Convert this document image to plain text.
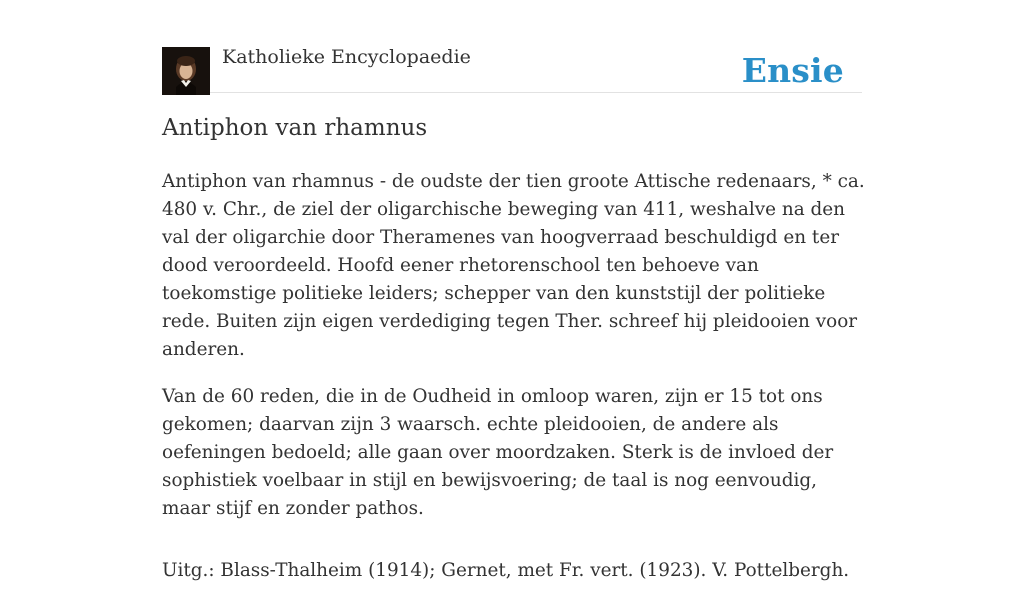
Katholieke Encyclopaedie	Ensie
Antiphon van rhamnus

Antiphon van rhamnus - de oudste der tien groote Attische redenaars, * ca. 480 v. Chr., de ziel der oligarchische beweging van 411, weshalve na den val der oligarchie door Theramenes van hoogverraad beschuldigd en ter dood veroordeeld. Hoofd eener rhetorenschool ten behoeve van toekomstige politieke leiders; schepper van den kunststijl der politieke rede. Buiten zijn eigen verdediging tegen Ther. schreef hij pleidooien voor anderen.

Van de 60 reden, die in de Oudheid in omloop waren, zijn er 15 tot ons gekomen; daarvan zijn 3 waarsch. echte pleidooien, de andere als oefeningen bedoeld; alle gaan over moordzaken. Sterk is de invloed der sophistiek voelbaar in stijl en bewijsvoering; de taal is nog eenvoudig, maar stijf en zonder pathos.

Uitg.: Blass-Thalheim (1914); Gernet, met Fr. vert. (1923). V. Pottelbergh.
